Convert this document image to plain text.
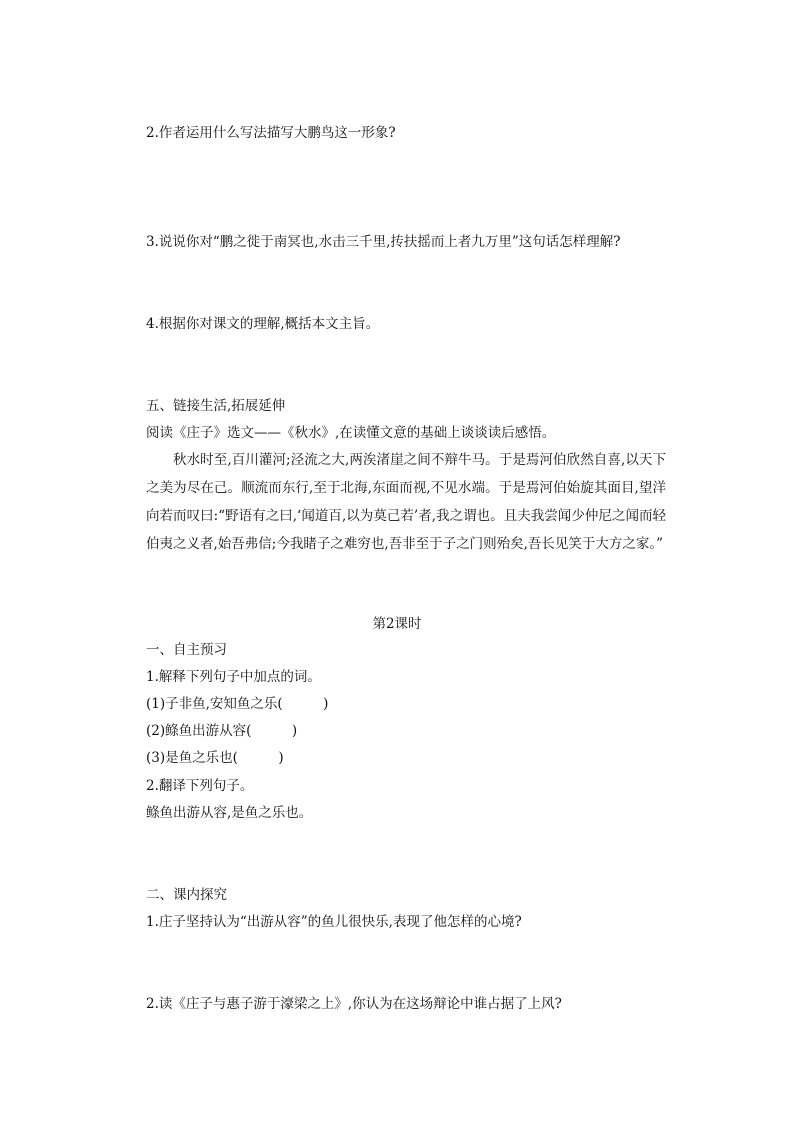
2.作者运用什么写法描写大鹏鸟这一形象?
3.说说你对“鹏之徙于南冥也,水击三千里,抟扶摇而上者九万里”这句话怎样理解?
4.根据你对课文的理解,概括本文主旨。
五、链接生活,拓展延伸
阅读《庄子》选文——《秋水》,在读懂文意的基础上谈谈读后感悟。
秋水时至,百川灌河;泾流之大,两涘渚崖之间不辩牛马。于是焉河伯欣然自喜,以天下之美为尽在己。顺流而东行,至于北海,东面而视,不见水端。于是焉河伯始旋其面目,望洋向若而叹曰:“野语有之曰,‘闻道百,以为莫己若’者,我之谓也。且夫我尝闻少仲尼之闻而轻伯夷之义者,始吾弗信;今我睹子之难穷也,吾非至于子之门则殆矣,吾长见笑于大方之家。”
第2课时
一、自主预习
1.解释下列句子中加点的词。
(1)子非鱼,安知鱼之乐(　　　)
(2)鲦鱼出游从容(　　　)
(3)是鱼之乐也(　　　)
2.翻译下列句子。
鲦鱼出游从容,是鱼之乐也。
二、课内探究
1.庄子坚持认为“出游从容”的鱼儿很快乐,表现了他怎样的心境?
2.读《庄子与惠子游于濠梁之上》,你认为在这场辩论中谁占据了上风?
